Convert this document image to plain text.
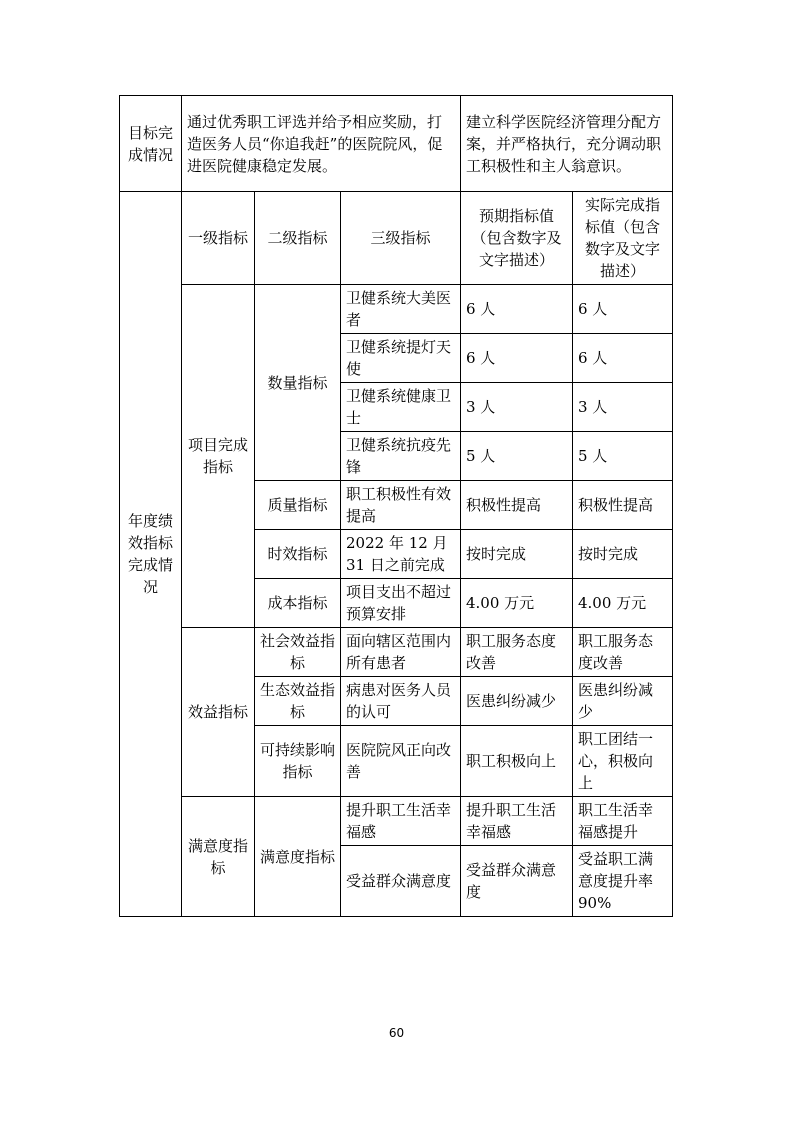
目标完成情况	通过优秀职工评选并给予相应奖励，打造医务人员“你追我赶”的医院院风，促进医院健康稳定发展。			建立科学医院经济管理分配方案，并严格执行，充分调动职工积极性和主人翁意识。	
年度绩效指标完成情况	一级指标	二级指标	三级指标	预期指标值（包含数字及文字描述）	实际完成指标值（包含数字及文字描述）
	项目完成指标	数量指标	卫健系统大美医者	6 人	6 人
			卫健系统提灯天使	6 人	6 人
			卫健系统健康卫士	3 人	3 人
			卫健系统抗疫先锋	5 人	5 人
		质量指标	职工积极性有效提高	积极性提高	积极性提高
		时效指标	2022 年 12 月 31 日之前完成	按时完成	按时完成
		成本指标	项目支出不超过预算安排	4.00 万元	4.00 万元
	效益指标	社会效益指标	面向辖区范围内所有患者	职工服务态度改善	职工服务态度改善
		生态效益指标	病患对医务人员的认可	医患纠纷减少	医患纠纷减少
		可持续影响指标	医院院风正向改善	职工积极向上	职工团结一心，积极向上
	满意度指标	满意度指标	提升职工生活幸福感	提升职工生活幸福感	职工生活幸福感提升
			受益群众满意度	受益群众满意度	受益职工满意度提升率 90%
60
